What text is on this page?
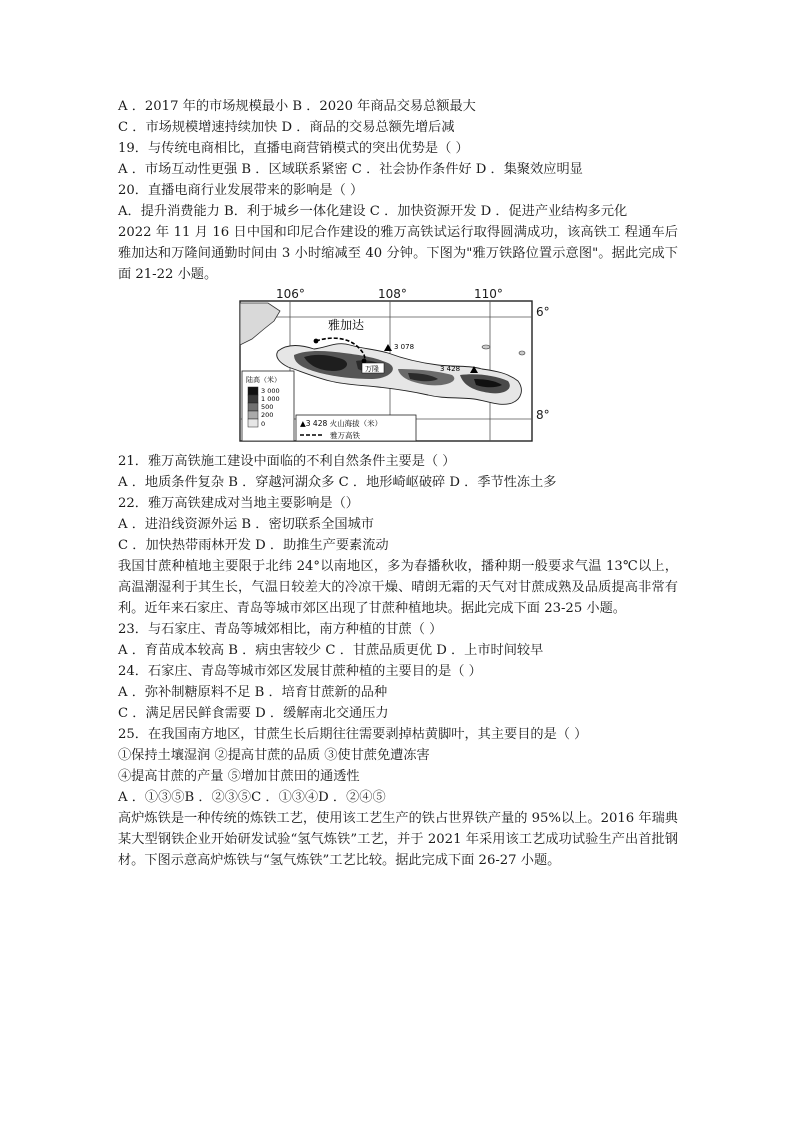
A ．2017 年的市场规模最小 B ．2020 年商品交易总额最大
C ．市场规模增速持续加快 D ．商品的交易总额先增后减
19．与传统电商相比，直播电商营销模式的突出优势是（ ）
A ．市场互动性更强 B ．区域联系紧密 C ．社会协作条件好 D ．集聚效应明显
20．直播电商行业发展带来的影响是（ ）
A．提升消费能力 B．利于城乡一体化建设 C ．加快资源开发 D ．促进产业结构多元化
2022 年 11 月 16 日中国和印尼合作建设的雅万高铁试运行取得圆满成功，该高铁工 程通车后雅加达和万隆间通勤时间由 3 小时缩减至 40 分钟。下图为"雅万铁路位置示意图"。据此完成下面 21-22 小题。
106°	108°	110°
6°
8°
雅加达
万隆
3 078
3 428
陆高（米）
3 000
1 000
500
200
0	▲3 428 火山海拔（米）
雅万高铁
21．雅万高铁施工建设中面临的不利自然条件主要是（ ）
A ．地质条件复杂 B ．穿越河湖众多 C ．地形崎岖破碎 D ．季节性冻土多
22．雅万高铁建成对当地主要影响是（）
A ．进沿线资源外运 B ．密切联系全国城市
C ．加快热带雨林开发 D ．助推生产要素流动
我国甘蔗种植地主要限于北纬 24°以南地区，多为春播秋收，播种期一般要求气温 13℃以上，高温潮湿利于其生长，气温日较差大的冷凉干燥、晴朗无霜的天气对甘蔗成熟及品质提高非常有利。近年来石家庄、青岛等城市郊区出现了甘蔗种植地块。据此完成下面 23-25 小题。
23．与石家庄、青岛等城郊相比，南方种植的甘蔗（ ）
A ．育苗成本较高 B ．病虫害较少 C ．甘蔗品质更优 D ．上市时间较早
24．石家庄、青岛等城市郊区发展甘蔗种植的主要目的是（ ）
A ．弥补制糖原料不足 B ．培育甘蔗新的品种
C ．满足居民鲜食需要 D ．缓解南北交通压力
25．在我国南方地区，甘蔗生长后期往往需要剥掉枯黄脚叶，其主要目的是（ ）
①保持土壤湿润 ②提高甘蔗的品质 ③使甘蔗免遭冻害
④提高甘蔗的产量 ⑤增加甘蔗田的通透性
A ．①③⑤B ．②③⑤C ．①③④D ．②④⑤
高炉炼铁是一种传统的炼铁工艺，使用该工艺生产的铁占世界铁产量的 95%以上。2016 年瑞典某大型钢铁企业开始研发试验“氢气炼铁”工艺，并于 2021 年采用该工艺成功试验生产出首批钢材。下图示意高炉炼铁与“氢气炼铁”工艺比较。据此完成下面 26-27 小题。
